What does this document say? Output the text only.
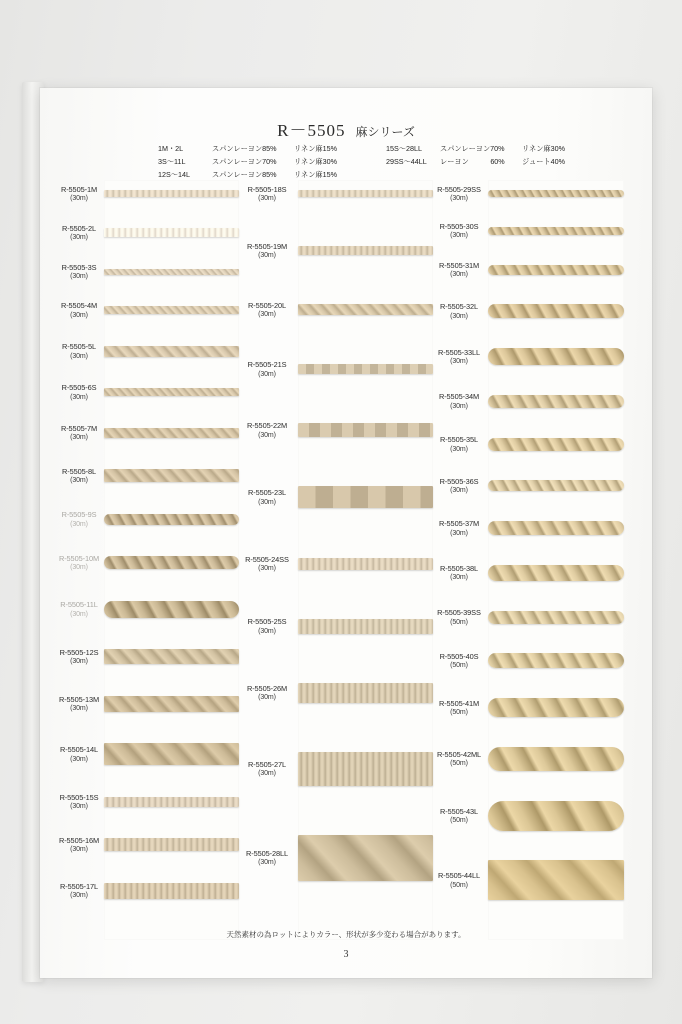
R－5505 麻シリーズ
1M・2L	スパンレーヨン85%	リネン麻15%
3S～11L	スパンレーヨン70%	リネン麻30%
12S～14L	スパンレーヨン85%	リネン麻15%
15S～28LL	スパンレーヨン70%	リネン麻30%
29SS～44LL	レーヨン　　　60%	ジュート40%
R-5505-1M
(30m)
R-5505-2L
(30m)
R-5505-3S
(30m)
R-5505-4M
(30m)
R-5505-5L
(30m)
R-5505-6S
(30m)
R-5505-7M
(30m)
R-5505-8L
(30m)
R-5505-9S
(30m)
R-5505-10M
(30m)
R-5505-11L
(30m)
R-5505-12S
(30m)
R-5505-13M
(30m)
R-5505-14L
(30m)
R-5505-15S
(30m)
R-5505-16M
(30m)
R-5505-17L
(30m)
R-5505-18S
(30m)
R-5505-19M
(30m)
R-5505-20L
(30m)
R-5505-21S
(30m)
R-5505-22M
(30m)
R-5505-23L
(30m)
R-5505-24SS
(30m)
R-5505-25S
(30m)
R-5505-26M
(30m)
R-5505-27L
(30m)
R-5505-28LL
(30m)
R-5505-29SS
(30m)
R-5505-30S
(30m)
R-5505-31M
(30m)
R-5505-32L
(30m)
R-5505-33LL
(30m)
R-5505-34M
(30m)
R-5505-35L
(30m)
R-5505-36S
(30m)
R-5505-37M
(30m)
R-5505-38L
(30m)
R-5505-39SS
(50m)
R-5505-40S
(50m)
R-5505-41M
(50m)
R-5505-42ML
(50m)
R-5505-43L
(50m)
R-5505-44LL
(50m)
天然素材の為ロットによりカラー、形状が多少変わる場合があります。
3
